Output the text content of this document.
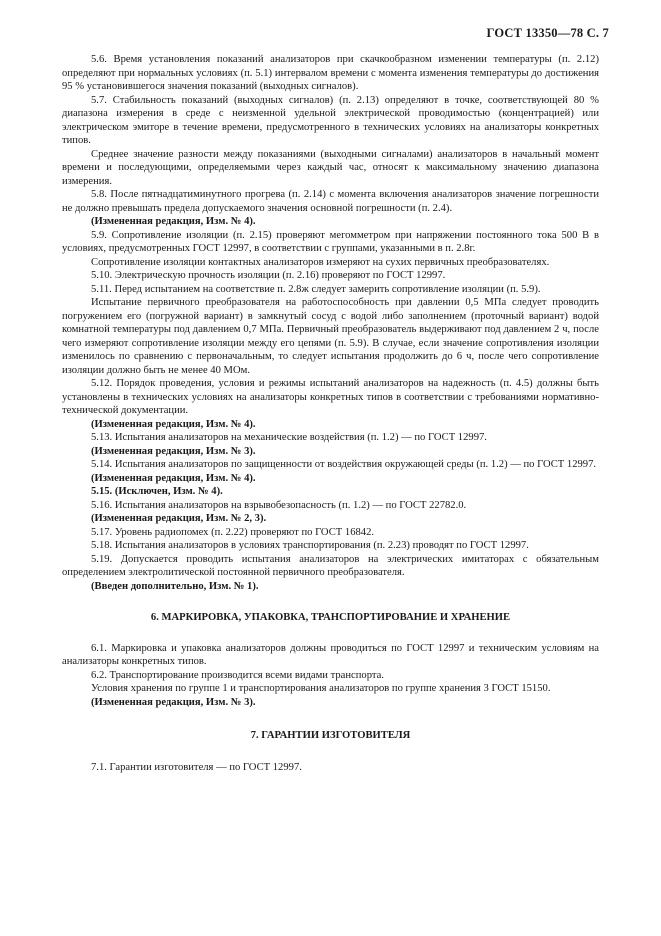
ГОСТ 13350—78 С. 7

5.6. Время установления показаний анализаторов при скачкообразном изменении температуры (п. 2.12) определяют при нормальных условиях (п. 5.1) интервалом времени с момента изменения температуры до достижения 95 % установившегося значения показаний (выходных сигналов).

5.7. Стабильность показаний (выходных сигналов) (п. 2.13) определяют в точке, соответствующей 80 % диапазона измерения в среде с неизменной удельной электрической проводимостью (концентрацией) или электрическом эмиторе в течение времени, предусмотренного в технических условиях на анализаторы конкретных типов.

Среднее значение разности между показаниями (выходными сигналами) анализаторов в начальный момент времени и последующими, определяемыми через каждый час, относят к максимальному значению диапазона измерения.

5.8. После пятнадцатиминутного прогрева (п. 2.14) с момента включения анализаторов значение погрешности не должно превышать предела допускаемого значения основной погрешности (п. 2.4).

(Измененная редакция, Изм. № 4).

5.9. Сопротивление изоляции (п. 2.15) проверяют мегомметром при напряжении постоянного тока 500 В в условиях, предусмотренных ГОСТ 12997, в соответствии с группами, указанными в п. 2.8г.

Сопротивление изоляции контактных анализаторов измеряют на сухих первичных преобразователях.

5.10. Электрическую прочность изоляции (п. 2.16) проверяют по ГОСТ 12997.

5.11. Перед испытанием на соответствие п. 2.8ж следует замерить сопротивление изоляции (п. 5.9).

Испытание первичного преобразователя на работоспособность при давлении 0,5 МПа следует проводить погружением его (погружной вариант) в замкнутый сосуд с водой либо заполнением (проточный вариант) водой комнатной температуры под давлением 0,7 МПа. Первичный преобразователь выдерживают под давлением 2 ч, после чего измеряют сопротивление изоляции между его цепями (п. 5.9). В случае, если значение сопротивления изоляции изменилось по сравнению с первоначальным, то следует испытания продолжить до 6 ч, после чего сопротивление изоляции должно быть не менее 40 МОм.

5.12. Порядок проведения, условия и режимы испытаний анализаторов на надежность (п. 4.5) должны быть установлены в технических условиях на анализаторы конкретных типов в соответствии с требованиями нормативно-технической документации.

(Измененная редакция, Изм. № 4).

5.13. Испытания анализаторов на механические воздействия (п. 1.2) — по ГОСТ 12997.

(Измененная редакция, Изм. № 3).

5.14. Испытания анализаторов по защищенности от воздействия окружающей среды (п. 1.2) — по ГОСТ 12997.

(Измененная редакция, Изм. № 4).

5.15. (Исключен, Изм. № 4).

5.16. Испытания анализаторов на взрывобезопасность (п. 1.2) — по ГОСТ 22782.0.

(Измененная редакция, Изм. № 2, 3).

5.17. Уровень радиопомех (п. 2.22) проверяют по ГОСТ 16842.

5.18. Испытания анализаторов в условиях транспортирования (п. 2.23) проводят по ГОСТ 12997.

5.19. Допускается проводить испытания анализаторов на электрических имитаторах с обязательным определением электролитической постоянной первичного преобразователя.

(Введен дополнительно, Изм. № 1).

6. МАРКИРОВКА, УПАКОВКА, ТРАНСПОРТИРОВАНИЕ И ХРАНЕНИЕ

6.1. Маркировка и упаковка анализаторов должны проводиться по ГОСТ 12997 и техническим условиям на анализаторы конкретных типов.

6.2. Транспортирование производится всеми видами транспорта.

Условия хранения по группе 1 и транспортирования анализаторов по группе хранения 3 ГОСТ 15150.

(Измененная редакция, Изм. № 3).

7. ГАРАНТИИ ИЗГОТОВИТЕЛЯ

7.1. Гарантии изготовителя — по ГОСТ 12997.
